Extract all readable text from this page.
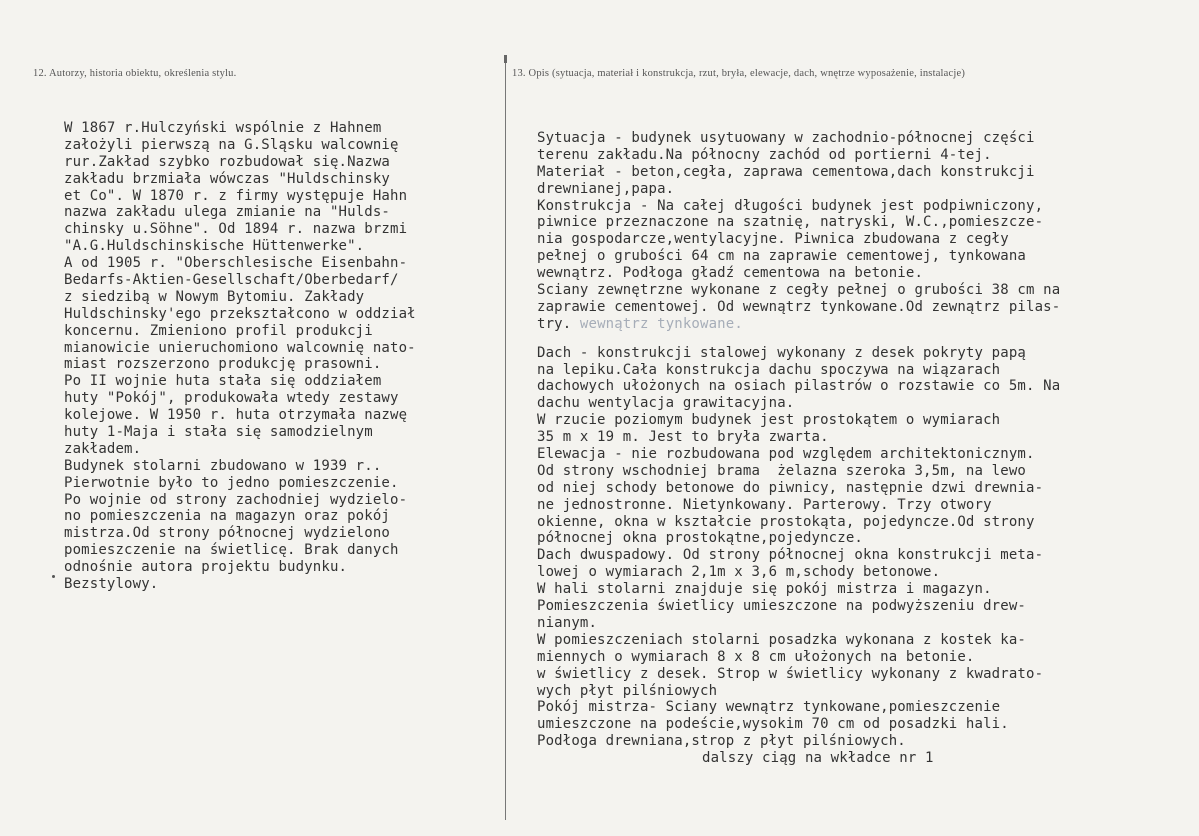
12. Autorzy, historia obiektu, określenia stylu.	13. Opis (sytuacja, materiał i konstrukcja, rzut, bryła, elewacje, dach, wnętrze wyposażenie, instalacje)
W 1867 r.Hulczyński wspólnie z Hahnem
założyli pierwszą na G.Sląsku walcownię
rur.Zakład szybko rozbudował się.Nazwa
zakładu brzmiała wówczas "Huldschinsky
et Co". W 1870 r. z firmy występuje Hahn
nazwa zakładu ulega zmianie na "Hulds-
chinsky u.Söhne". Od 1894 r. nazwa brzmi
"A.G.Huldschinskische Hüttenwerke".
A od 1905 r. "Oberschlesische Eisenbahn-
Bedarfs-Aktien-Gesellschaft/Oberbedarf/
z siedzibą w Nowym Bytomiu. Zakłady
Huldschinsky'ego przekształcono w oddział
koncernu. Zmieniono profil produkcji
mianowicie unieruchomiono walcownię nato-
miast rozszerzono produkcję prasowni.
Po II wojnie huta stała się oddziałem
huty "Pokój", produkowała wtedy zestawy
kolejowe. W 1950 r. huta otrzymała nazwę
huty 1-Maja i stała się samodzielnym
zakładem.
Budynek stolarni zbudowano w 1939 r..
Pierwotnie było to jedno pomieszczenie.
Po wojnie od strony zachodniej wydzielo-
no pomieszczenia na magazyn oraz pokój
mistrza.Od strony północnej wydzielono
pomieszczenie na świetlicę. Brak danych
odnośnie autora projektu budynku.
Bezstylowy.
Sytuacja - budynek usytuowany w zachodnio-północnej części
terenu zakładu.Na północny zachód od portierni 4-tej.
Materiał - beton,cegła, zaprawa cementowa,dach konstrukcji
drewnianej,papa.
Konstrukcja - Na całej długości budynek jest podpiwniczony,
piwnice przeznaczone na szatnię, natryski, W.C.,pomieszcze-
nia gospodarcze,wentylacyjne. Piwnica zbudowana z cegły
pełnej o grubości 64 cm na zaprawie cementowej, tynkowana
wewnątrz. Podłoga gładź cementowa na betonie.
Sciany zewnętrzne wykonane z cegły pełnej o grubości 38 cm na
zaprawie cementowej. Od wewnątrz tynkowane.Od zewnątrz pilas-
try. wewnątrz tynkowane.
Dach - konstrukcji stalowej wykonany z desek pokryty papą
na lepiku.Cała konstrukcja dachu spoczywa na wiązarach
dachowych ułożonych na osiach pilastrów o rozstawie co 5m. Na
dachu wentylacja grawitacyjna.
W rzucie poziomym budynek jest prostokątem o wymiarach
35 m x 19 m. Jest to bryła zwarta.
Elewacja - nie rozbudowana pod względem architektonicznym.
Od strony wschodniej brama  żelazna szeroka 3,5m, na lewo
od niej schody betonowe do piwnicy, następnie dzwi drewnia-
ne jednostronne. Nietynkowany. Parterowy. Trzy otwory
okienne, okna w kształcie prostokąta, pojedyncze.Od strony
północnej okna prostokątne,pojedyncze.
Dach dwuspadowy. Od strony północnej okna konstrukcji meta-
lowej o wymiarach 2,1m x 3,6 m,schody betonowe.
W hali stolarni znajduje się pokój mistrza i magazyn.
Pomieszczenia świetlicy umieszczone na podwyższeniu drew-
nianym.
W pomieszczeniach stolarni posadzka wykonana z kostek ka-
miennych o wymiarach 8 x 8 cm ułożonych na betonie.
w świetlicy z desek. Strop w świetlicy wykonany z kwadrato-
wych płyt pilśniowych
Pokój mistrza- Sciany wewnątrz tynkowane,pomieszczenie
umieszczone na podeście,wysokim 70 cm od posadzki hali.
Podłoga drewniana,strop z płyt pilśniowych.
dalszy ciąg na wkładce nr 1
